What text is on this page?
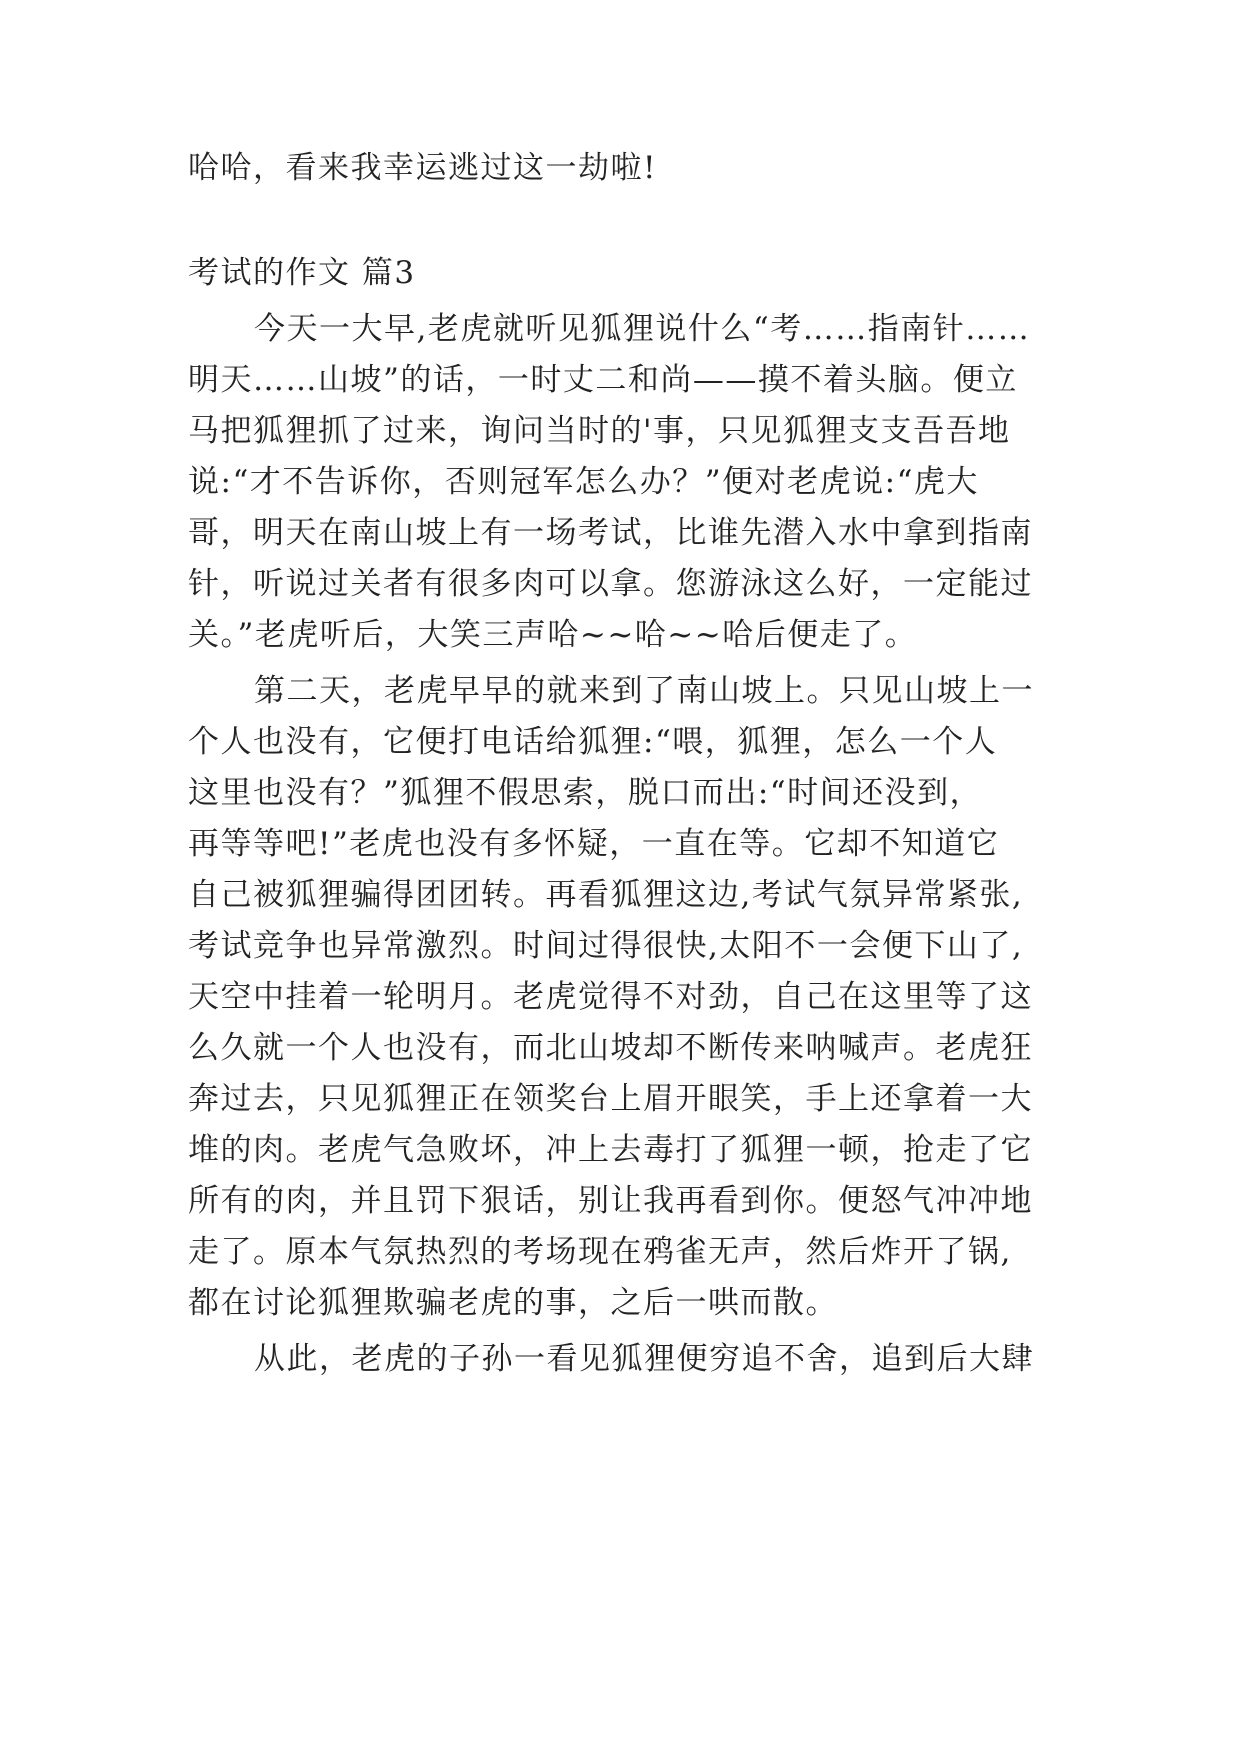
哈哈，看来我幸运逃过这一劫啦!
考试的作文 篇3
今天一大早,老虎就听见狐狸说什么“考……指南针……
明天……山坡”的话，一时丈二和尚——摸不着头脑。便立
马把狐狸抓了过来，询问当时的'事，只见狐狸支支吾吾地
说:“才不告诉你，否则冠军怎么办？”便对老虎说:“虎大
哥，明天在南山坡上有一场考试，比谁先潜入水中拿到指南
针，听说过关者有很多肉可以拿。您游泳这么好，一定能过
关。”老虎听后，大笑三声哈~~哈~~哈后便走了。
第二天，老虎早早的就来到了南山坡上。只见山坡上一
个人也没有，它便打电话给狐狸:“喂，狐狸，怎么一个人
这里也没有？”狐狸不假思索，脱口而出:“时间还没到，
再等等吧!”老虎也没有多怀疑，一直在等。它却不知道它
自己被狐狸骗得团团转。再看狐狸这边,考试气氛异常紧张,
考试竞争也异常激烈。时间过得很快,太阳不一会便下山了,
天空中挂着一轮明月。老虎觉得不对劲，自己在这里等了这
么久就一个人也没有，而北山坡却不断传来呐喊声。老虎狂
奔过去，只见狐狸正在领奖台上眉开眼笑，手上还拿着一大
堆的肉。老虎气急败坏，冲上去毒打了狐狸一顿，抢走了它
所有的肉，并且罚下狠话，别让我再看到你。便怒气冲冲地
走了。原本气氛热烈的考场现在鸦雀无声，然后炸开了锅,
都在讨论狐狸欺骗老虎的事，之后一哄而散。
从此，老虎的子孙一看见狐狸便穷追不舍，追到后大肆
